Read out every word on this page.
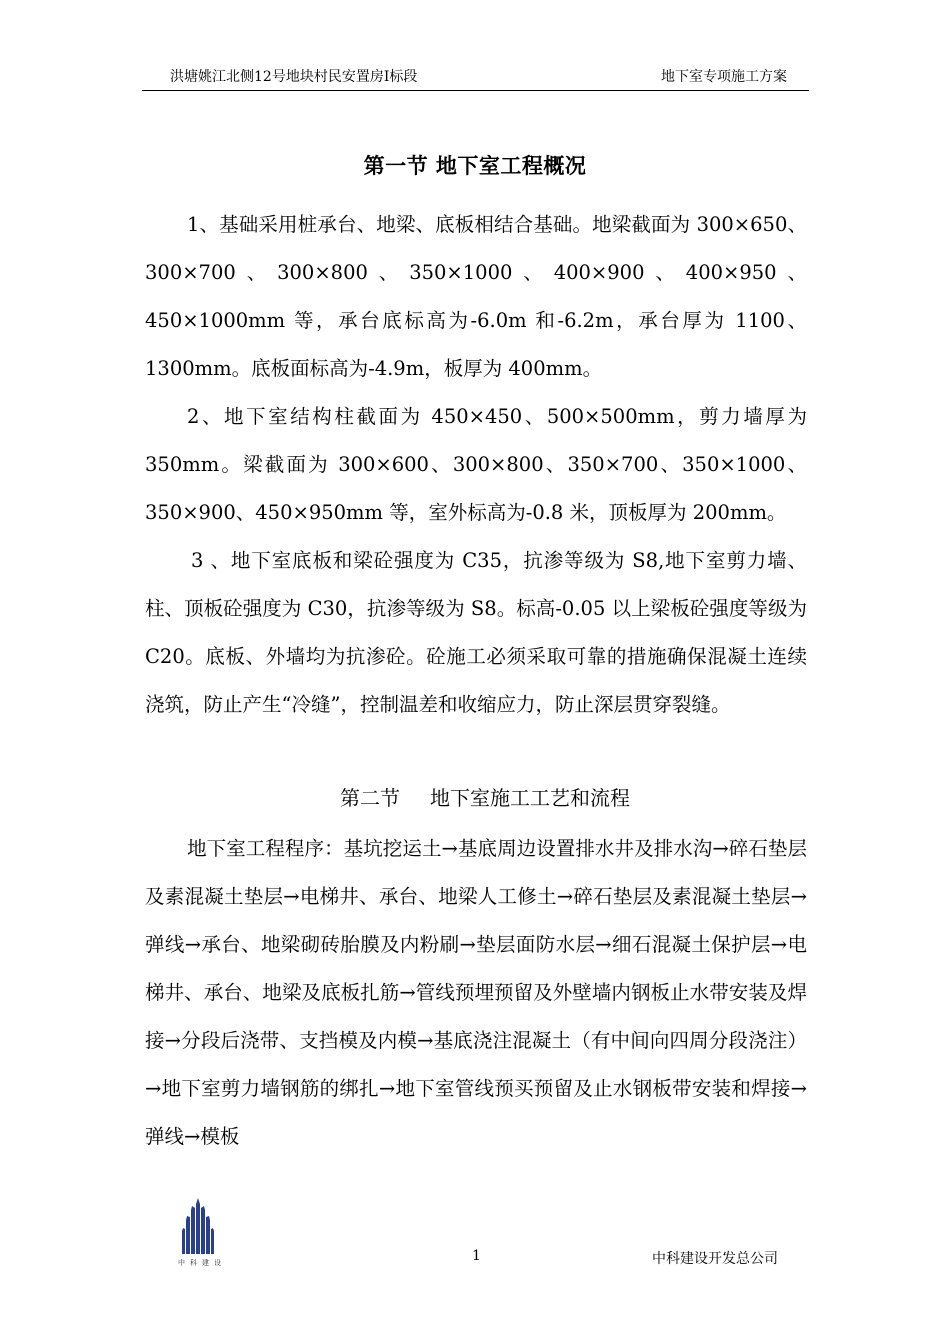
洪塘姚江北侧12号地块村民安置房Ⅰ标段	地下室专项施工方案
第一节 地下室工程概况
1、基础采用桩承台、地梁、底板相结合基础。地梁截面为 300×650、300×700、300×800、350×1000、400×900、400×950、450×1000mm 等，承台底标高为-6.0m 和-6.2m，承台厚为 1100、1300mm。底板面标高为-4.9m，板厚为 400mm。
2、地下室结构柱截面为 450×450、500×500mm，剪力墙厚为 350mm。梁截面为 300×600、300×800、350×700、350×1000、350×900、450×950mm 等，室外标高为-0.8 米，顶板厚为 200mm。
3 、地下室底板和梁砼强度为 C35，抗渗等级为 S8,地下室剪力墙、柱、顶板砼强度为 C30，抗渗等级为 S8。标高-0.05 以上梁板砼强度等级为 C20。底板、外墙均为抗渗砼。砼施工必须采取可靠的措施确保混凝土连续浇筑，防止产生“冷缝”，控制温差和收缩应力，防止深层贯穿裂缝。
第二节 地下室施工工艺和流程
地下室工程程序：基坑挖运土→基底周边设置排水井及排水沟→碎石垫层及素混凝土垫层→电梯井、承台、地梁人工修土→碎石垫层及素混凝土垫层→弹线→承台、地梁砌砖胎膜及内粉刷→垫层面防水层→细石混凝土保护层→电梯井、承台、地梁及底板扎筋→管线预埋预留及外壁墙内钢板止水带安装及焊接→分段后浇带、支挡模及内模→基底浇注混凝土（有中间向四周分段浇注）→地下室剪力墙钢筋的绑扎→地下室管线预买预留及止水钢板带安装和焊接→弹线→模板
中科建设	1	中科建设开发总公司
